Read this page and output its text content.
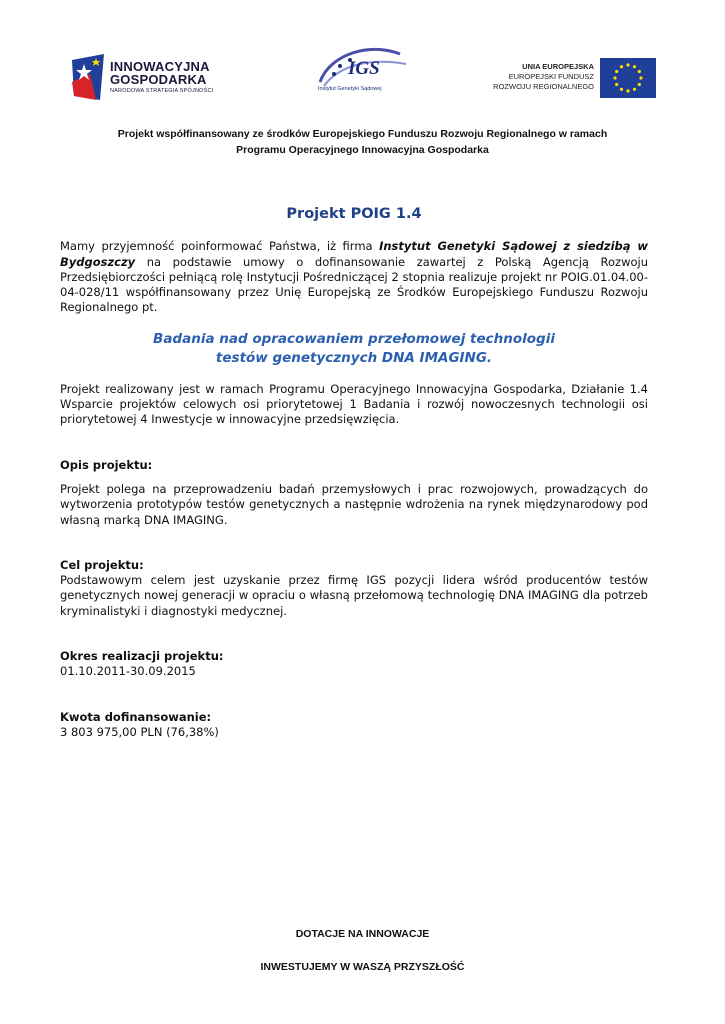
INNOWACYJNA
GOSPODARKA
NARODOWA STRATEGIA SPÓJNOŚCI
IGS
Instytut Genetyki Sądowej
UNIA EUROPEJSKA
EUROPEJSKI FUNDUSZ
ROZWOJU REGIONALNEGO
Projekt współfinansowany ze środków Europejskiego Funduszu Rozwoju Regionalnego w ramach
Programu Operacyjnego Innowacyjna Gospodarka
Projekt POIG 1.4

Mamy przyjemność poinformować Państwa, iż firma Instytut Genetyki Sądowej z siedzibą w Bydgoszczy na podstawie umowy o dofinansowanie zawartej z Polską Agencją Rozwoju Przedsiębiorczości pełniącą rolę Instytucji Pośredniczącej 2 stopnia realizuje projekt nr POIG.01.04.00-04-028/11 współfinansowany przez Unię Europejską ze Środków Europejskiego Funduszu Rozwoju Regionalnego pt.

Badania nad opracowaniem przełomowej technologii
testów genetycznych DNA IMAGING.

Projekt realizowany jest w ramach Programu Operacyjnego Innowacyjna Gospodarka, Działanie 1.4 Wsparcie projektów celowych osi priorytetowej 1 Badania i rozwój nowoczesnych technologii osi priorytetowej 4 Inwestycje w innowacyjne przedsięwzięcia.

Opis projektu:

Projekt polega na przeprowadzeniu badań przemysłowych i prac rozwojowych, prowadzących do wytworzenia prototypów testów genetycznych a następnie wdrożenia na rynek międzynarodowy pod własną marką DNA IMAGING.

Cel projektu:

Podstawowym celem jest uzyskanie przez firmę IGS pozycji lidera wśród producentów testów genetycznych nowej generacji w opraciu o własną przełomową technologię DNA IMAGING dla potrzeb kryminalistyki i diagnostyki medycznej.

Okres realizacji projektu:

01.10.2011-30.09.2015

Kwota dofinansowanie:

3 803 975,00 PLN (76,38%)

DOTACJE NA INNOWACJE
INWESTUJEMY W WASZĄ PRZYSZŁOŚĆ
